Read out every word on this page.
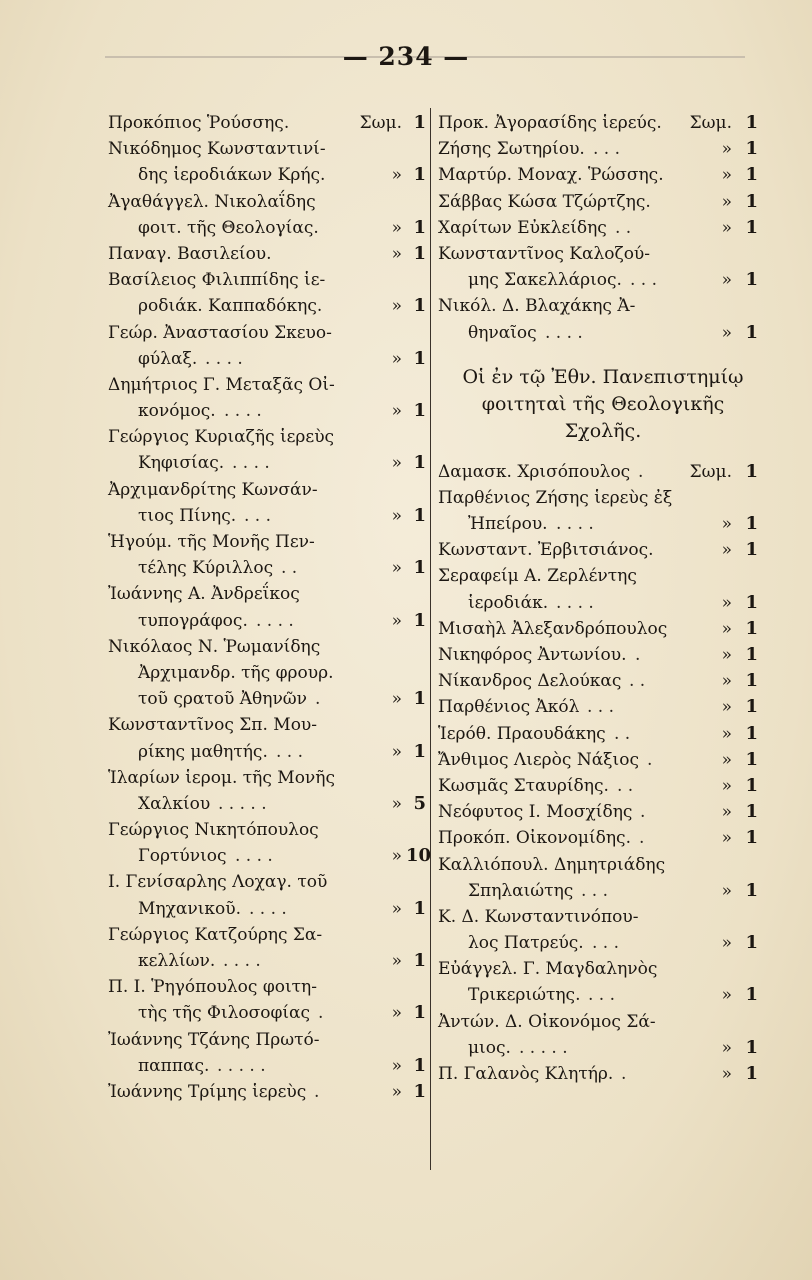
— 234 —
Προκόπιος Ῥούσσης.	Σωμ. 1
Νικόδημος Κωνσταντινί-
δης ἱεροδιάκων Κρής.	» 1
Ἀγαθάγγελ. Νικολαΐδης
φοιτ. τῆς Θεολογίας.	» 1
Παναγ. Βασιλείου.	» 1
Βασίλειος Φιλιππίδης ἱε-
ροδιάκ. Καππαδόκης.	» 1
Γεώρ. Ἀναστασίου Σκευο-
φύλαξ. . . . .	» 1
Δημήτριος Γ. Μεταξᾶς Οἰ-
κονόμος. . . . .	» 1
Γεώργιος Κυριαζῆς ἱερεὺς
Κηφισίας. . . . .	» 1
Ἀρχιμανδρίτης Κωνσάν-
τιος Πίνης. . . .	» 1
Ἡγούμ. τῆς Μονῆς Πεν-
τέλης Κύριλλος . .	» 1
Ἰωάννης Α. Ἀνδρεΐκος
τυπογράφος. . . . .	» 1
Νικόλαος Ν. Ῥωμανίδης
Ἀρχιμανδρ. τῆς φρουρ.
τοῦ ςρατοῦ Ἀθηνῶν .	» 1
Κωνσταντῖνος Σπ. Μου-
ρίκης μαθητής. . . .	» 1
Ἱλαρίων ἱερομ. τῆς Μονῆς
Χαλκίου . . . . .	» 5
Γεώργιος Νικητόπουλος
Γορτύνιος . . . .	» 10
Ι. Γενίσαρλης Λοχαγ. τοῦ
Μηχανικοῦ. . . . .	» 1
Γεώργιος Κατζούρης Σα-
κελλίων. . . . .	» 1
Π. Ι. Ῥηγόπουλος φοιτη-
τὴς τῆς Φιλοσοφίας .	» 1
Ἰωάννης Τζάνης Πρωτό-
παππας. . . . . .	» 1
Ἰωάννης Τρίμης ἱερεὺς .	» 1
Προκ. Ἀγορασίδης ἱερεύς.	Σωμ. 1
Ζήσης Σωτηρίου. . . .	» 1
Μαρτύρ. Μοναχ. Ῥώσσης.	» 1
Σάββας Κώσα Τζώρτζης.	» 1
Χαρίτων Εὐκλείδης . .	» 1
Κωνσταντῖνος Καλοζού-
μης Σακελλάριος. . . .	» 1
Νικόλ. Δ. Βλαχάκης Ἀ-
θηναῖος . . . .	» 1
Οἱ ἐν τῷ Ἐθν. Πανεπιστημίῳ
φοιτηταὶ τῆς Θεολογικῆς
Σχολῆς.
Δαμασκ. Χρισόπουλος .	Σωμ. 1
Παρθένιος Ζήσης ἱερεὺς ἐξ
Ἠπείρου. . . . .	» 1
Κωνσταντ. Ἐρβιτσιάνος.	» 1
Σεραφείμ Α. Ζερλέντης
ἱεροδιάκ. . . . .	» 1
Μισαὴλ Ἀλεξανδρόπουλος	» 1
Νικηφόρος Ἀντωνίου. .	» 1
Νίκανδρος Δελούκας . .	» 1
Παρθένιος Ἀκόλ . . .	» 1
Ἱερόθ. Πραουδάκης . .	» 1
Ἄνθιμος Λιερὸς Νάξιος .	» 1
Κωσμᾶς Σταυρίδης. . .	» 1
Νεόφυτος Ι. Μοσχίδης .	» 1
Προκόπ. Οἰκονομίδης. .	» 1
Καλλιόπουλ. Δημητριάδης
Σπηλαιώτης . . .	» 1
Κ. Δ. Κωνσταντινόπου-
λος Πατρεύς. . . .	» 1
Εὐάγγελ. Γ. Μαγδαληνὸς
Τρικεριώτης. . . .	» 1
Ἀντών. Δ. Οἰκονόμος Σά-
μιος. . . . . .	» 1
Π. Γαλανὸς Κλητήρ. .	» 1
